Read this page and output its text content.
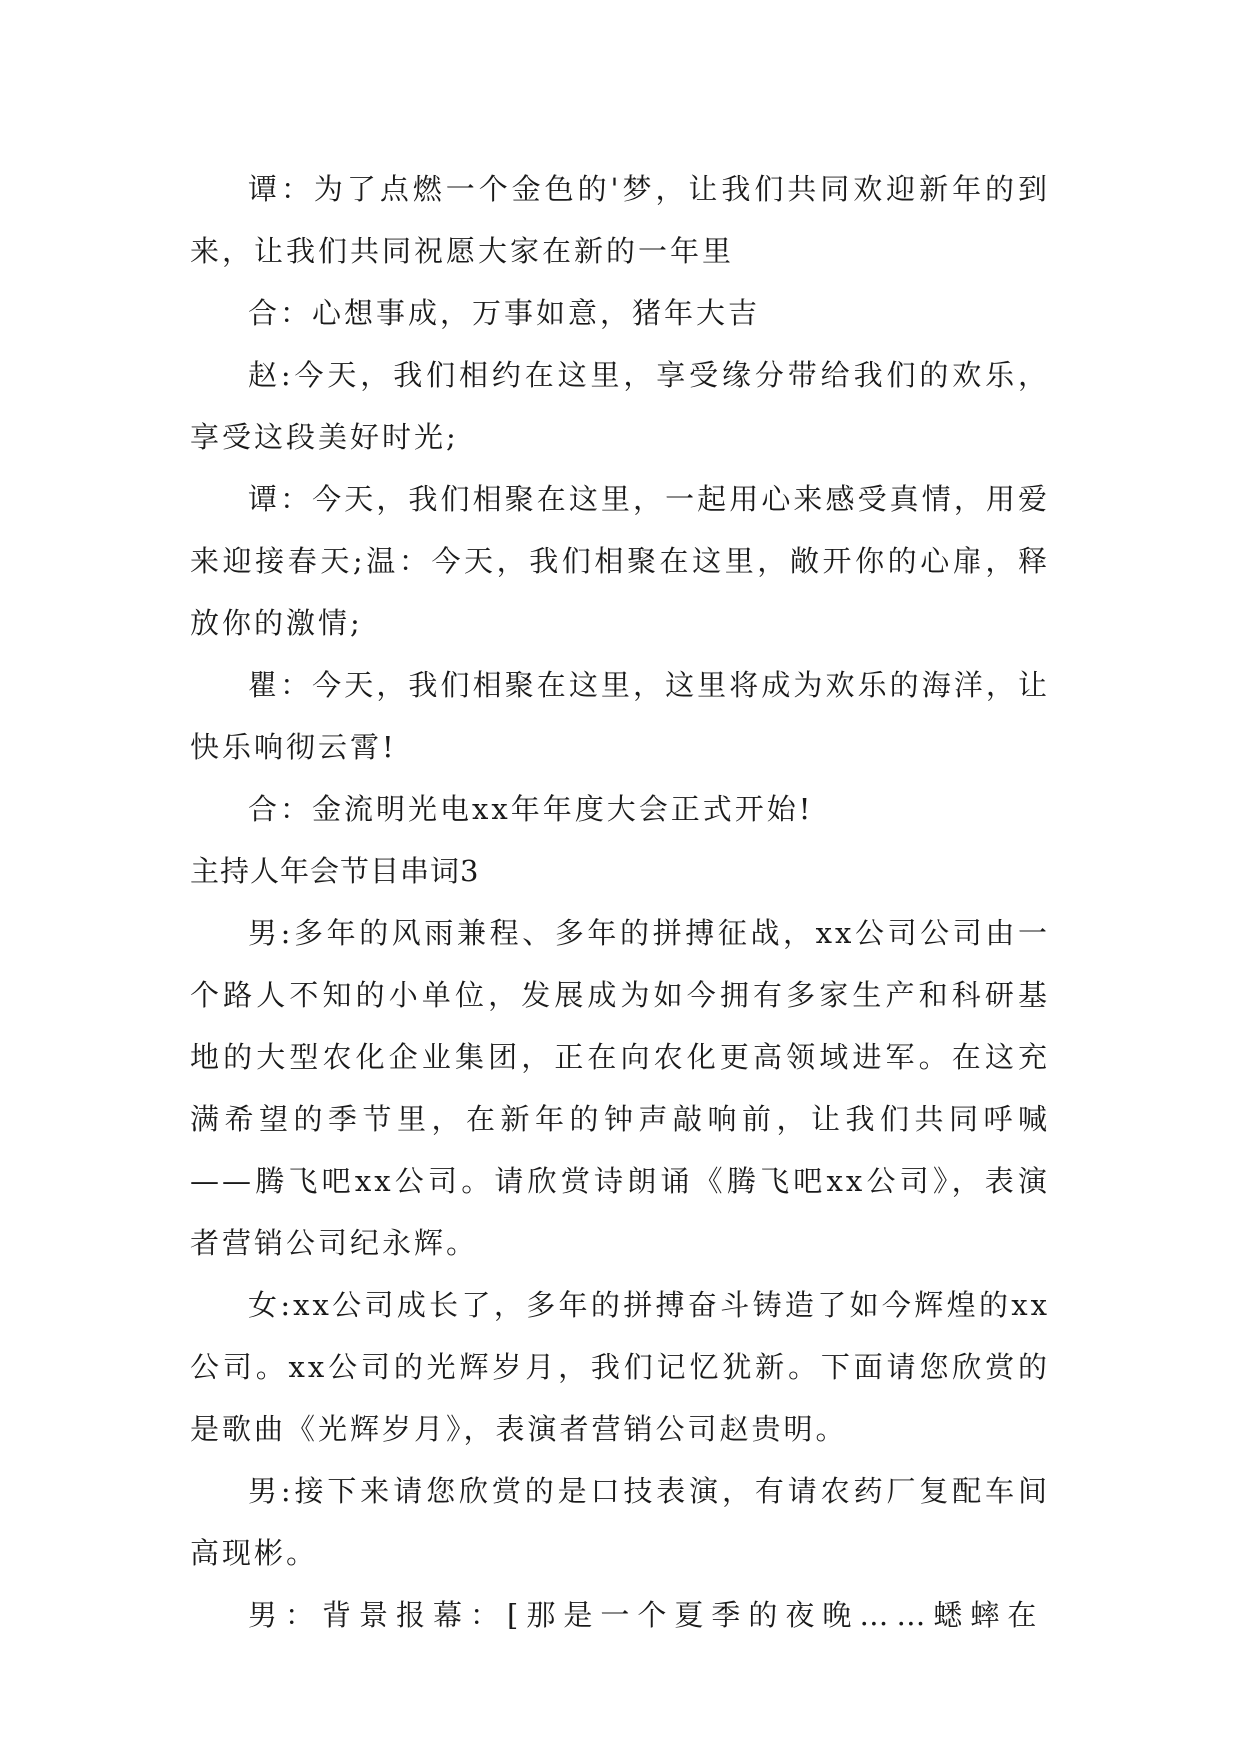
谭：为了点燃一个金色的'梦，让我们共同欢迎新年的到来，让我们共同祝愿大家在新的一年里

合：心想事成，万事如意，猪年大吉

赵:今天，我们相约在这里，享受缘分带给我们的欢乐，享受这段美好时光;

谭：今天，我们相聚在这里，一起用心来感受真情，用爱来迎接春天;温：今天，我们相聚在这里，敞开你的心扉，释放你的激情;

瞿：今天，我们相聚在这里，这里将成为欢乐的海洋，让快乐响彻云霄!

合：金流明光电xx年年度大会正式开始!

主持人年会节目串词3

男:多年的风雨兼程、多年的拼搏征战，xx公司公司由一个路人不知的小单位，发展成为如今拥有多家生产和科研基地的大型农化企业集团，正在向农化更高领域进军。在这充满希望的季节里，在新年的钟声敲响前，让我们共同呼喊——腾飞吧xx公司。请欣赏诗朗诵《腾飞吧xx公司》，表演者营销公司纪永辉。

女:xx公司成长了，多年的拼搏奋斗铸造了如今辉煌的xx公司。xx公司的光辉岁月，我们记忆犹新。下面请您欣赏的是歌曲《光辉岁月》，表演者营销公司赵贵明。

男:接下来请您欣赏的是口技表演，有请农药厂复配车间高现彬。

男：背景报幕：[那是一个夏季的夜晚……蟋蟀在
